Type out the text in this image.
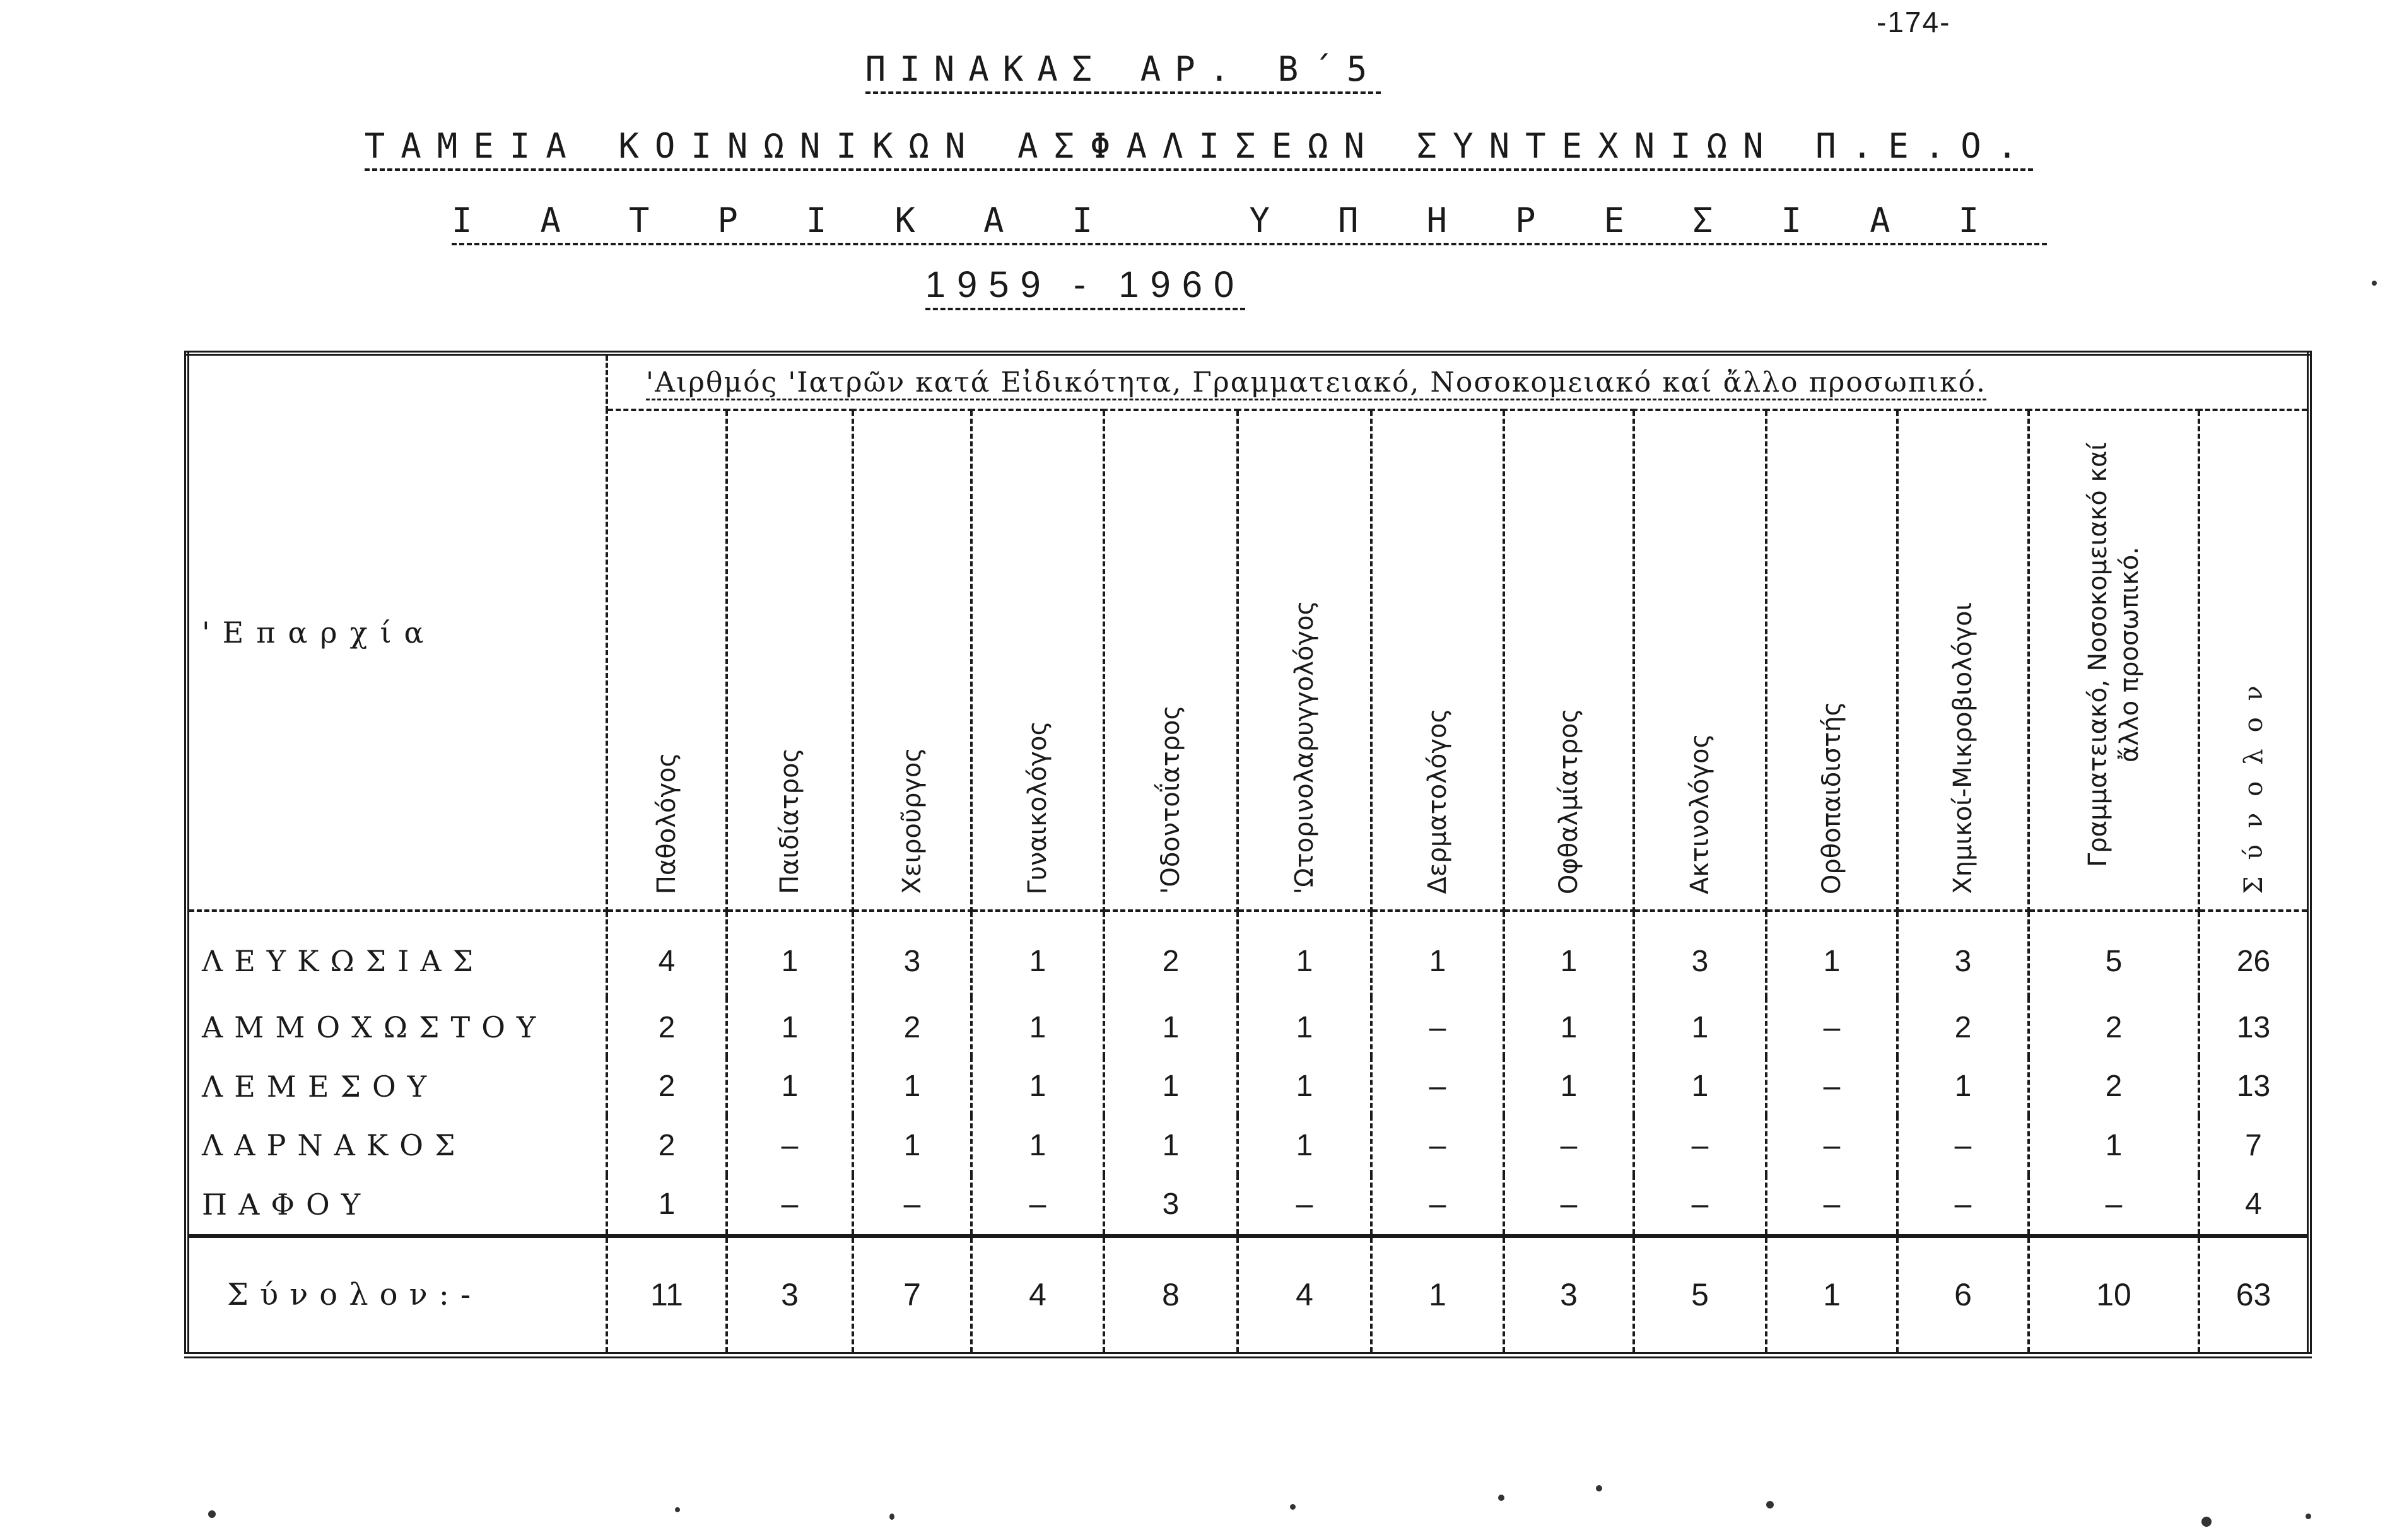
-174-
ΠΙΝΑΚΑΣ ΑΡ. Β΄5
ΤΑΜΕΙΑ ΚΟΙΝΩΝΙΚΩΝ ΑΣΦΑΛΙΣΕΩΝ ΣΥΝΤΕΧΝΙΩΝ Π.Ε.Ο.
ΙΑΤΡΙΚΑΙ ΥΠΗΡΕΣΙΑΙ
1959 - 1960
'Επαρχία	'Αιρθμός 'Ιατρῶν κατά Εἰδικότητα, Γραμματειακό, Νοσοκομειακό καί ἄλλο προσωπικό.												
	Παθολόγος	Παιδίατρος	Χειροῦργος	Γυναικολόγος	'Οδοντοΐατρος	'Ωτορινολαρυγγολόγος	Δερματολόγος	Οφθαλμίατρος	Ακτινολόγος	Ορθοπαιδιστής	Χημικοί-Μικροβιολόγοι	Γραμματειακό, Νοσοκομειακό καί ἄλλο προσωπικό.	Σύνολον
ΛΕΥΚΩΣΙΑΣ	4	1	3	1	2	1	1	1	3	1	3	5	26
ΑΜΜΟΧΩΣΤΟΥ	2	1	2	1	1	1	–	1	1	–	2	2	13
ΛΕΜΕΣΟΥ	2	1	1	1	1	1	–	1	1	–	1	2	13
ΛΑΡΝΑΚΟΣ	2	–	1	1	1	1	–	–	–	–	–	1	7
ΠΑΦΟΥ	1	–	–	–	3	–	–	–	–	–	–	–	4
Σύνολον:-	11	3	7	4	8	4	1	3	5	1	6	10	63
